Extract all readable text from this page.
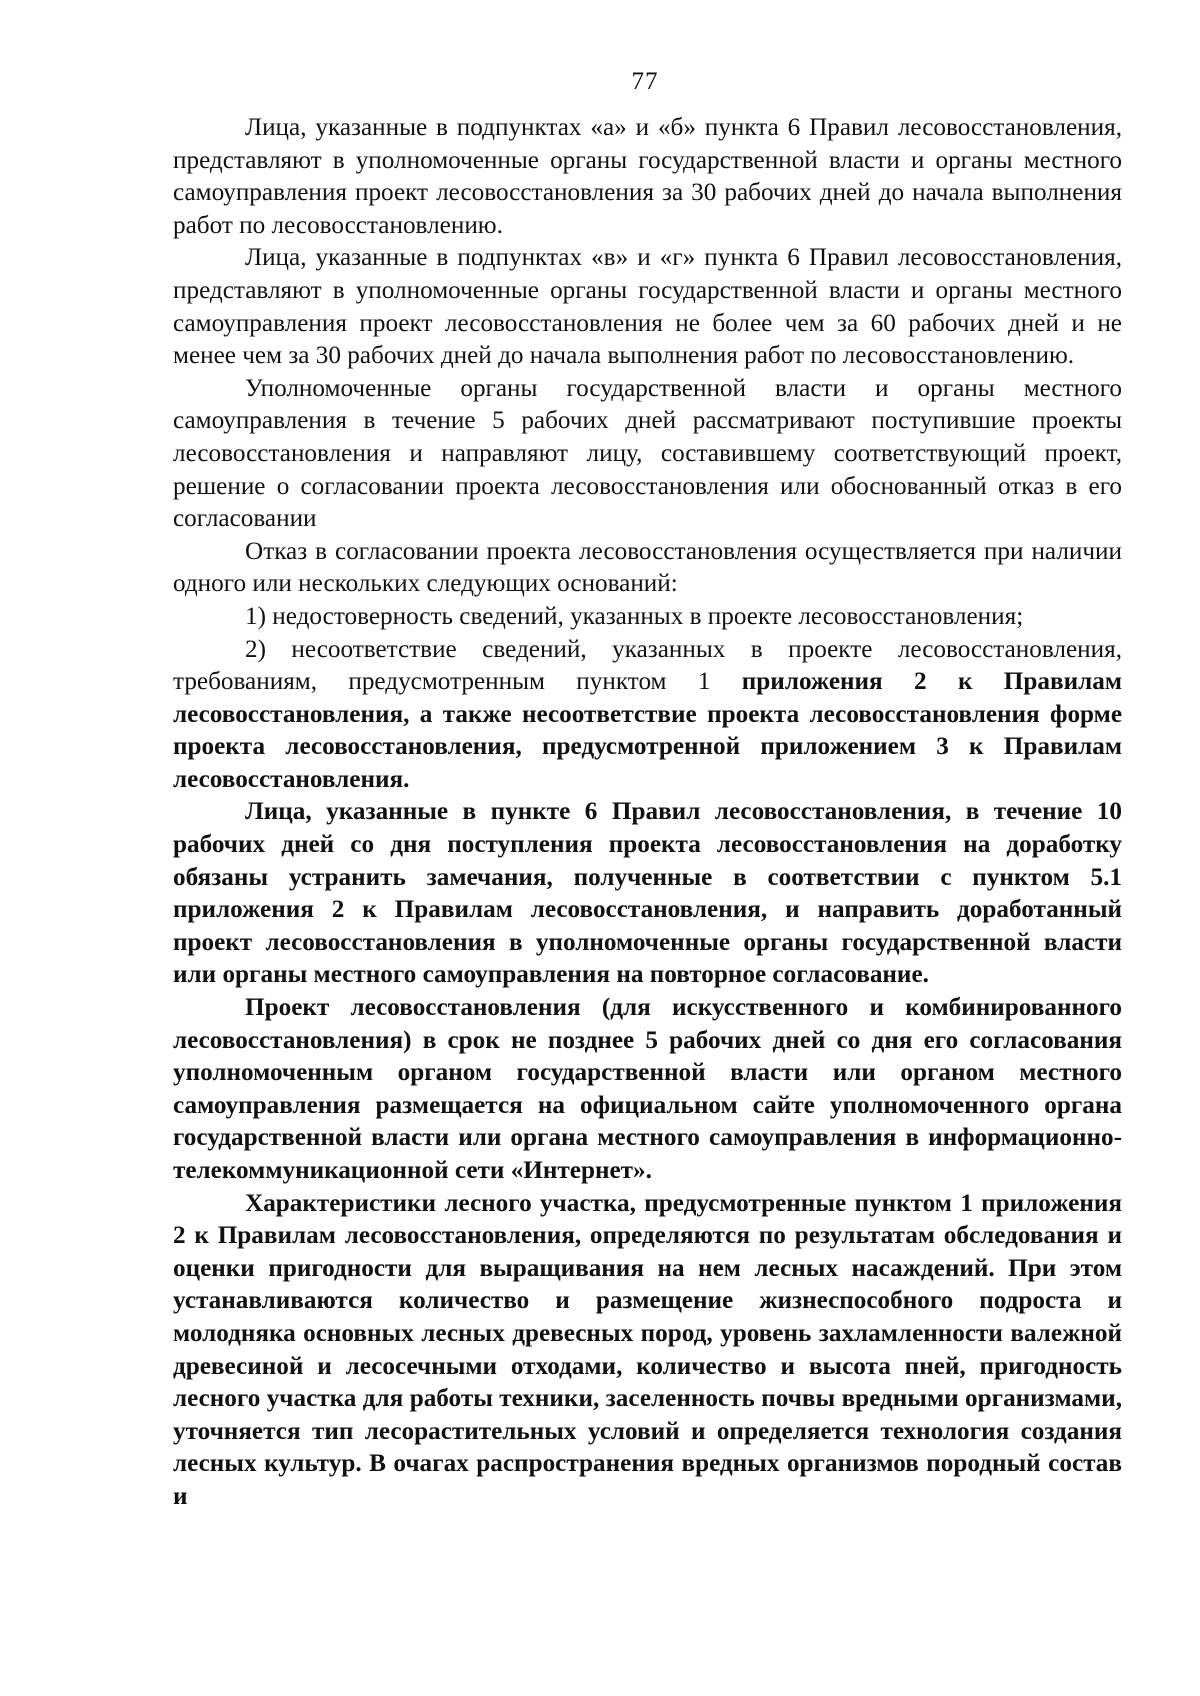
77

Лица, указанные в подпунктах «а» и «б» пункта 6 Правил лесовосстановления, представляют в уполномоченные органы государственной власти и органы местного самоуправления проект лесовосстановления за 30 рабочих дней до начала выполнения работ по лесовосстановлению.

Лица, указанные в подпунктах «в» и «г» пункта 6 Правил лесовосстановления, представляют в уполномоченные органы государственной власти и органы местного самоуправления проект лесовосстановления не более чем за 60 рабочих дней и не менее чем за 30 рабочих дней до начала выполнения работ по лесовосстановлению.

Уполномоченные органы государственной власти и органы местного самоуправления в течение 5 рабочих дней рассматривают поступившие проекты лесовосстановления и направляют лицу, составившему соответствующий проект, решение о согласовании проекта лесовосстановления или обоснованный отказ в его согласовании

Отказ в согласовании проекта лесовосстановления осуществляется при наличии одного или нескольких следующих оснований:

1) недостоверность сведений, указанных в проекте лесовосстановления;

2) несоответствие сведений, указанных в проекте лесовосстановления, требованиям, предусмотренным пунктом 1 приложения 2 к Правилам лесовосстановления, а также несоответствие проекта лесовосстановления форме проекта лесовосстановления, предусмотренной приложением 3 к Правилам лесовосстановления.

Лица, указанные в пункте 6 Правил лесовосстановления, в течение 10 рабочих дней со дня поступления проекта лесовосстановления на доработку обязаны устранить замечания, полученные в соответствии с пунктом 5.1 приложения 2 к Правилам лесовосстановления, и направить доработанный проект лесовосстановления в уполномоченные органы государственной власти или органы местного самоуправления на повторное согласование.

Проект лесовосстановления (для искусственного и комбинированного лесовосстановления) в срок не позднее 5 рабочих дней со дня его согласования уполномоченным органом государственной власти или органом местного самоуправления размещается на официальном сайте уполномоченного органа государственной власти или органа местного самоуправления в информационно-телекоммуникационной сети «Интернет».

Характеристики лесного участка, предусмотренные пунктом 1 приложения 2 к Правилам лесовосстановления, определяются по результатам обследования и оценки пригодности для выращивания на нем лесных насаждений. При этом устанавливаются количество и размещение жизнеспособного подроста и молодняка основных лесных древесных пород, уровень захламленности валежной древесиной и лесосечными отходами, количество и высота пней, пригодность лесного участка для работы техники, заселенность почвы вредными организмами, уточняется тип лесорастительных условий и определяется технология создания лесных культур. В очагах распространения вредных организмов породный состав и
